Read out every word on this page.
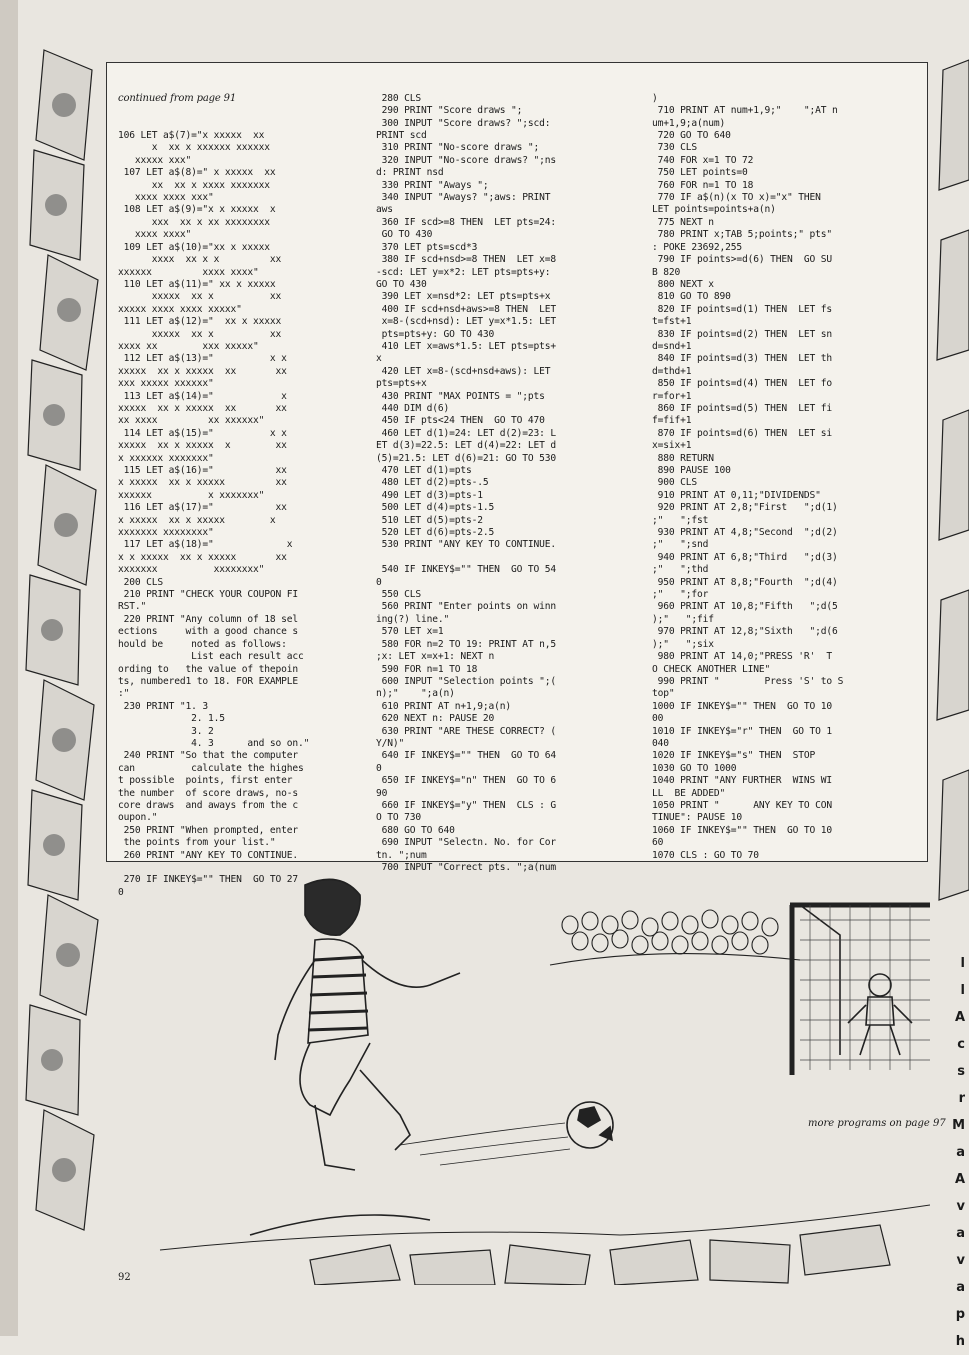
continued from page 91

106 LET a$(7)="x xxxxx  xx
x  xx x xxxxxx xxxxxx
xxxxx xxx"
107 LET a$(8)=" x xxxxx  xx
xx  xx x xxxx xxxxxxx
xxxx xxxx xxx"
108 LET a$(9)="x x xxxxx  x
xxx  xx x xx xxxxxxxx
xxxx xxxx"
109 LET a$(10)="xx x xxxxx
xxxx  xx x x         xx
xxxxxx         xxxx xxxx"
110 LET a$(11)=" xx x xxxxx
xxxxx  xx x          xx
xxxxx xxxx xxxx xxxxx"
111 LET a$(12)="  xx x xxxxx
xxxxx  xx x          xx
xxxx xx        xxx xxxxx"
112 LET a$(13)="          x x
xxxxx  xx x xxxxx  xx       xx
xxx xxxxx xxxxxx"
113 LET a$(14)="            x
xxxxx  xx x xxxxx  xx       xx
xx xxxx         xx xxxxxx"
114 LET a$(15)="          x x
xxxxx  xx x xxxxx  x        xx
x xxxxxx xxxxxxx"
115 LET a$(16)="           xx
x xxxxx  xx x xxxxx         xx
xxxxxx          x xxxxxxx"
116 LET a$(17)="           xx
x xxxxx  xx x xxxxx        x
xxxxxxx xxxxxxxx"
117 LET a$(18)="             x
x x xxxxx  xx x xxxxx       xx
xxxxxxx          xxxxxxxx"
200 CLS
210 PRINT "CHECK YOUR COUPON FI
RST."
220 PRINT "Any column of 18 sel
ections     with a good chance s
hould be     noted as follows:
List each result acc
ording to   the value of thepoin
ts, numbered1 to 18. FOR EXAMPLE
:"
230 PRINT "1. 3
2. 1.5
3. 2
4. 3      and so on."
240 PRINT "So that the computer
can          calculate the highes
t possible  points, first enter
the number  of score draws, no-s
core draws  and aways from the c
oupon."
250 PRINT "When prompted, enter
the points from your list."
260 PRINT "ANY KEY TO CONTINUE.

270 IF INKEY$="" THEN  GO TO 27
0

280 CLS
290 PRINT "Score draws ";
300 INPUT "Score draws? ";scd:
PRINT scd
310 PRINT "No-score draws ";
320 INPUT "No-score draws? ";ns
d: PRINT nsd
330 PRINT "Aways ";
340 INPUT "Aways? ";aws: PRINT
aws
360 IF scd>=8 THEN  LET pts=24:
GO TO 430
370 LET pts=scd*3
380 IF scd+nsd>=8 THEN  LET x=8
-scd: LET y=x*2: LET pts=pts+y:
GO TO 430
390 LET x=nsd*2: LET pts=pts+x
400 IF scd+nsd+aws>=8 THEN  LET
x=8-(scd+nsd): LET y=x*1.5: LET
pts=pts+y: GO TO 430
410 LET x=aws*1.5: LET pts=pts+
x
420 LET x=8-(scd+nsd+aws): LET
pts=pts+x
430 PRINT "MAX POINTS = ";pts
440 DIM d(6)
450 IF pts<24 THEN  GO TO 470
460 LET d(1)=24: LET d(2)=23: L
ET d(3)=22.5: LET d(4)=22: LET d
(5)=21.5: LET d(6)=21: GO TO 530
470 LET d(1)=pts
480 LET d(2)=pts-.5
490 LET d(3)=pts-1
500 LET d(4)=pts-1.5
510 LET d(5)=pts-2
520 LET d(6)=pts-2.5
530 PRINT "ANY KEY TO CONTINUE.

540 IF INKEY$="" THEN  GO TO 54
0
550 CLS
560 PRINT "Enter points on winn
ing(?) line."
570 LET x=1
580 FOR n=2 TO 19: PRINT AT n,5
;x: LET x=x+1: NEXT n
590 FOR n=1 TO 18
600 INPUT "Selection points ";(
n);"    ";a(n)
610 PRINT AT n+1,9;a(n)
620 NEXT n: PAUSE 20
630 PRINT "ARE THESE CORRECT? (
Y/N)"
640 IF INKEY$="" THEN  GO TO 64
0
650 IF INKEY$="n" THEN  GO TO 6
90
660 IF INKEY$="y" THEN  CLS : G
O TO 730
680 GO TO 640
690 INPUT "Selectn. No. for Cor
tn. ";num
700 INPUT "Correct pts. ";a(num

)
710 PRINT AT num+1,9;"    ";AT n
um+1,9;a(num)
720 GO TO 640
730 CLS
740 FOR x=1 TO 72
750 LET points=0
760 FOR n=1 TO 18
770 IF a$(n)(x TO x)="x" THEN
LET points=points+a(n)
775 NEXT n
780 PRINT x;TAB 5;points;" pts"
: POKE 23692,255
790 IF points>=d(6) THEN  GO SU
B 820
800 NEXT x
810 GO TO 890
820 IF points=d(1) THEN  LET fs
t=fst+1
830 IF points=d(2) THEN  LET sn
d=snd+1
840 IF points=d(3) THEN  LET th
d=thd+1
850 IF points=d(4) THEN  LET fo
r=for+1
860 IF points=d(5) THEN  LET fi
f=fif+1
870 IF points=d(6) THEN  LET si
x=six+1
880 RETURN
890 PAUSE 100
900 CLS
910 PRINT AT 0,11;"DIVIDENDS"
920 PRINT AT 2,8;"First   ";d(1)
;"   ";fst
930 PRINT AT 4,8;"Second  ";d(2)
;"   ";snd
940 PRINT AT 6,8;"Third   ";d(3)
;"   ";thd
950 PRINT AT 8,8;"Fourth  ";d(4)
;"   ";for
960 PRINT AT 10,8;"Fifth   ";d(5
);"   ";fif
970 PRINT AT 12,8;"Sixth   ";d(6
);"   ";six
980 PRINT AT 14,0;"PRESS 'R'  T
O CHECK ANOTHER LINE"
990 PRINT "        Press 'S' to S
top"
1000 IF INKEY$="" THEN  GO TO 10
00
1010 IF INKEY$="r" THEN  GO TO 1
040
1020 IF INKEY$="s" THEN  STOP
1030 GO TO 1000
1040 PRINT "ANY FURTHER  WINS WI
LL  BE ADDED"
1050 PRINT "      ANY KEY TO CON
TINUE": PAUSE 10
1060 IF INKEY$="" THEN  GO TO 10
60
1070 CLS : GO TO 70

more programs on page 97
92
l
l
A
c
s
r
M
a
A
v
a
v
a
p
h
